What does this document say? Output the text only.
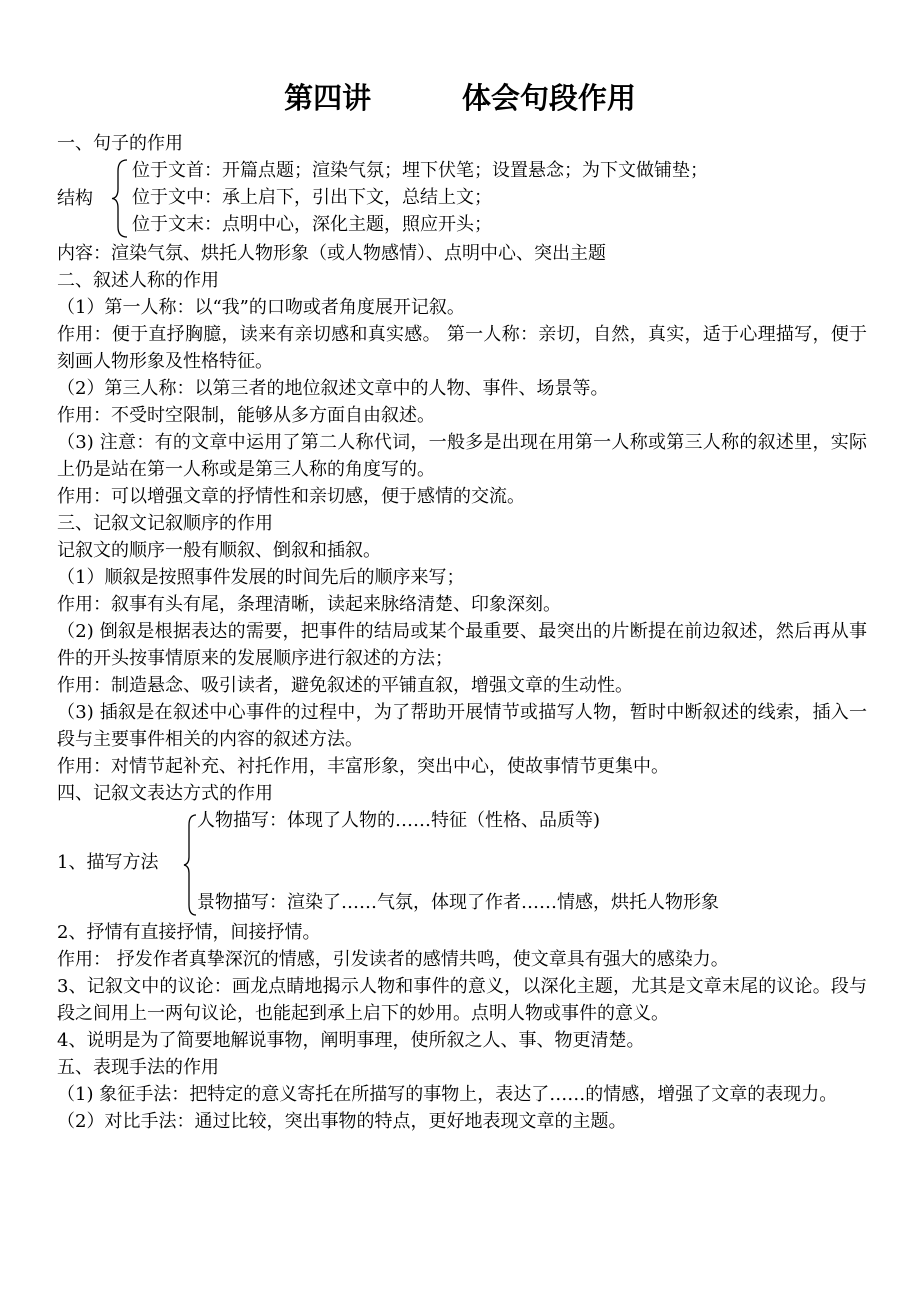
第四讲         体会句段作用

一、句子的作用

结构

位于文首：开篇点题；渲染气氛；埋下伏笔；设置悬念；为下文做铺垫；

位于文中：承上启下，引出下文，总结上文；

位于文末：点明中心，深化主题，照应开头；

内容：渲染气氛、烘托人物形象（或人物感情）、点明中心、突出主题

二、叙述人称的作用

（1）第一人称：以“我”的口吻或者角度展开记叙。

作用：便于直抒胸臆，读来有亲切感和真实感。 第一人称：亲切，自然，真实，适于心理描写，便于刻画人物形象及性格特征。

（2）第三人称：以第三者的地位叙述文章中的人物、事件、场景等。

作用：不受时空限制，能够从多方面自由叙述。

（3) 注意：有的文章中运用了第二人称代词，一般多是出现在用第一人称或第三人称的叙述里，实际上仍是站在第一人称或是第三人称的角度写的。

作用：可以增强文章的抒情性和亲切感，便于感情的交流。

三、记叙文记叙顺序的作用

记叙文的顺序一般有顺叙、倒叙和插叙。

（1）顺叙是按照事件发展的时间先后的顺序来写；

作用：叙事有头有尾，条理清晰，读起来脉络清楚、印象深刻。

（2) 倒叙是根据表达的需要，把事件的结局或某个最重要、最突出的片断提在前边叙述，然后再从事件的开头按事情原来的发展顺序进行叙述的方法；

作用：制造悬念、吸引读者，避免叙述的平铺直叙，增强文章的生动性。

（3) 插叙是在叙述中心事件的过程中，为了帮助开展情节或描写人物，暂时中断叙述的线索，插入一段与主要事件相关的内容的叙述方法。

作用：对情节起补充、衬托作用，丰富形象，突出中心，使故事情节更集中。

四、记叙文表达方式的作用

1、描写方法
人物描写：体现了人物的……特征（性格、品质等)
景物描写：渲染了……气氛，体现了作者……情感，烘托人物形象

2、抒情有直接抒情，间接抒情。

作用： 抒发作者真挚深沉的情感，引发读者的感情共鸣，使文章具有强大的感染力。

3、记叙文中的议论：画龙点睛地揭示人物和事件的意义，以深化主题，尤其是文章末尾的议论。段与段之间用上一两句议论，也能起到承上启下的妙用。点明人物或事件的意义。

4、说明是为了简要地解说事物，阐明事理，使所叙之人、事、物更清楚。

五、表现手法的作用

（1) 象征手法：把特定的意义寄托在所描写的事物上，表达了……的情感，增强了文章的表现力。

（2）对比手法：通过比较，突出事物的特点，更好地表现文章的主题。
